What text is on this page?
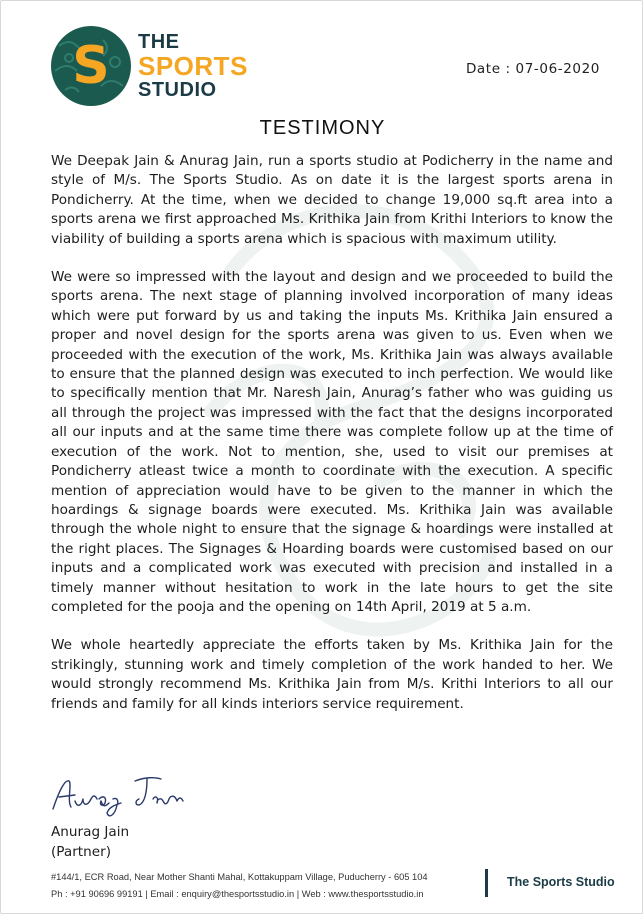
S THE
SPORTS
STUDIO
Date : 07-06-2020
TESTIMONY

We Deepak Jain & Anurag Jain, run a sports studio at Podicherry in the name and style of M/s. The Sports Studio. As on date it is the largest sports arena in Pondicherry. At the time, when we decided to change 19,000 sq.ft area into a sports arena we first approached Ms. Krithika Jain from Krithi Interiors to know the viability of building a sports arena which is spacious with maximum utility.

We were so impressed with the layout and design and we proceeded to build the sports arena. The next stage of planning involved incorporation of many ideas which were put forward by us and taking the inputs Ms. Krithika Jain ensured a proper and novel design for the sports arena was given to us. Even when we proceeded with the execution of the work, Ms. Krithika Jain was always available to ensure that the planned design was executed to inch perfection. We would like to specifically mention that Mr. Naresh Jain, Anurag’s father who was guiding us all through the project was impressed with the fact that the designs incorporated all our inputs and at the same time there was complete follow up at the time of execution of the work. Not to mention, she, used to visit our premises at Pondicherry atleast twice a month to coordinate with the execution. A specific mention of appreciation would have to be given to the manner in which the hoardings & signage boards were executed. Ms. Krithika Jain was available through the whole night to ensure that the signage & hoardings were installed at the right places. The Signages & Hoarding boards were customised based on our inputs and a complicated work was executed with precision and installed in a timely manner without hesitation to work in the late hours to get the site completed for the pooja and the opening on 14th April, 2019 at 5 a.m.

We whole heartedly appreciate the efforts taken by Ms. Krithika Jain for the strikingly, stunning work and timely completion of the work handed to her. We would strongly recommend Ms. Krithika Jain from M/s. Krithi Interiors to all our friends and family for all kinds interiors service requirement.

Anurag Jain
(Partner)
#144/1, ECR Road, Near Mother Shanti Mahal, Kottakuppam Village, Puducherry - 605 104
Ph : +91 90696 99191 | Email : enquiry@thesportsstudio.in | Web : www.thesportsstudio.in
The Sports Studio
